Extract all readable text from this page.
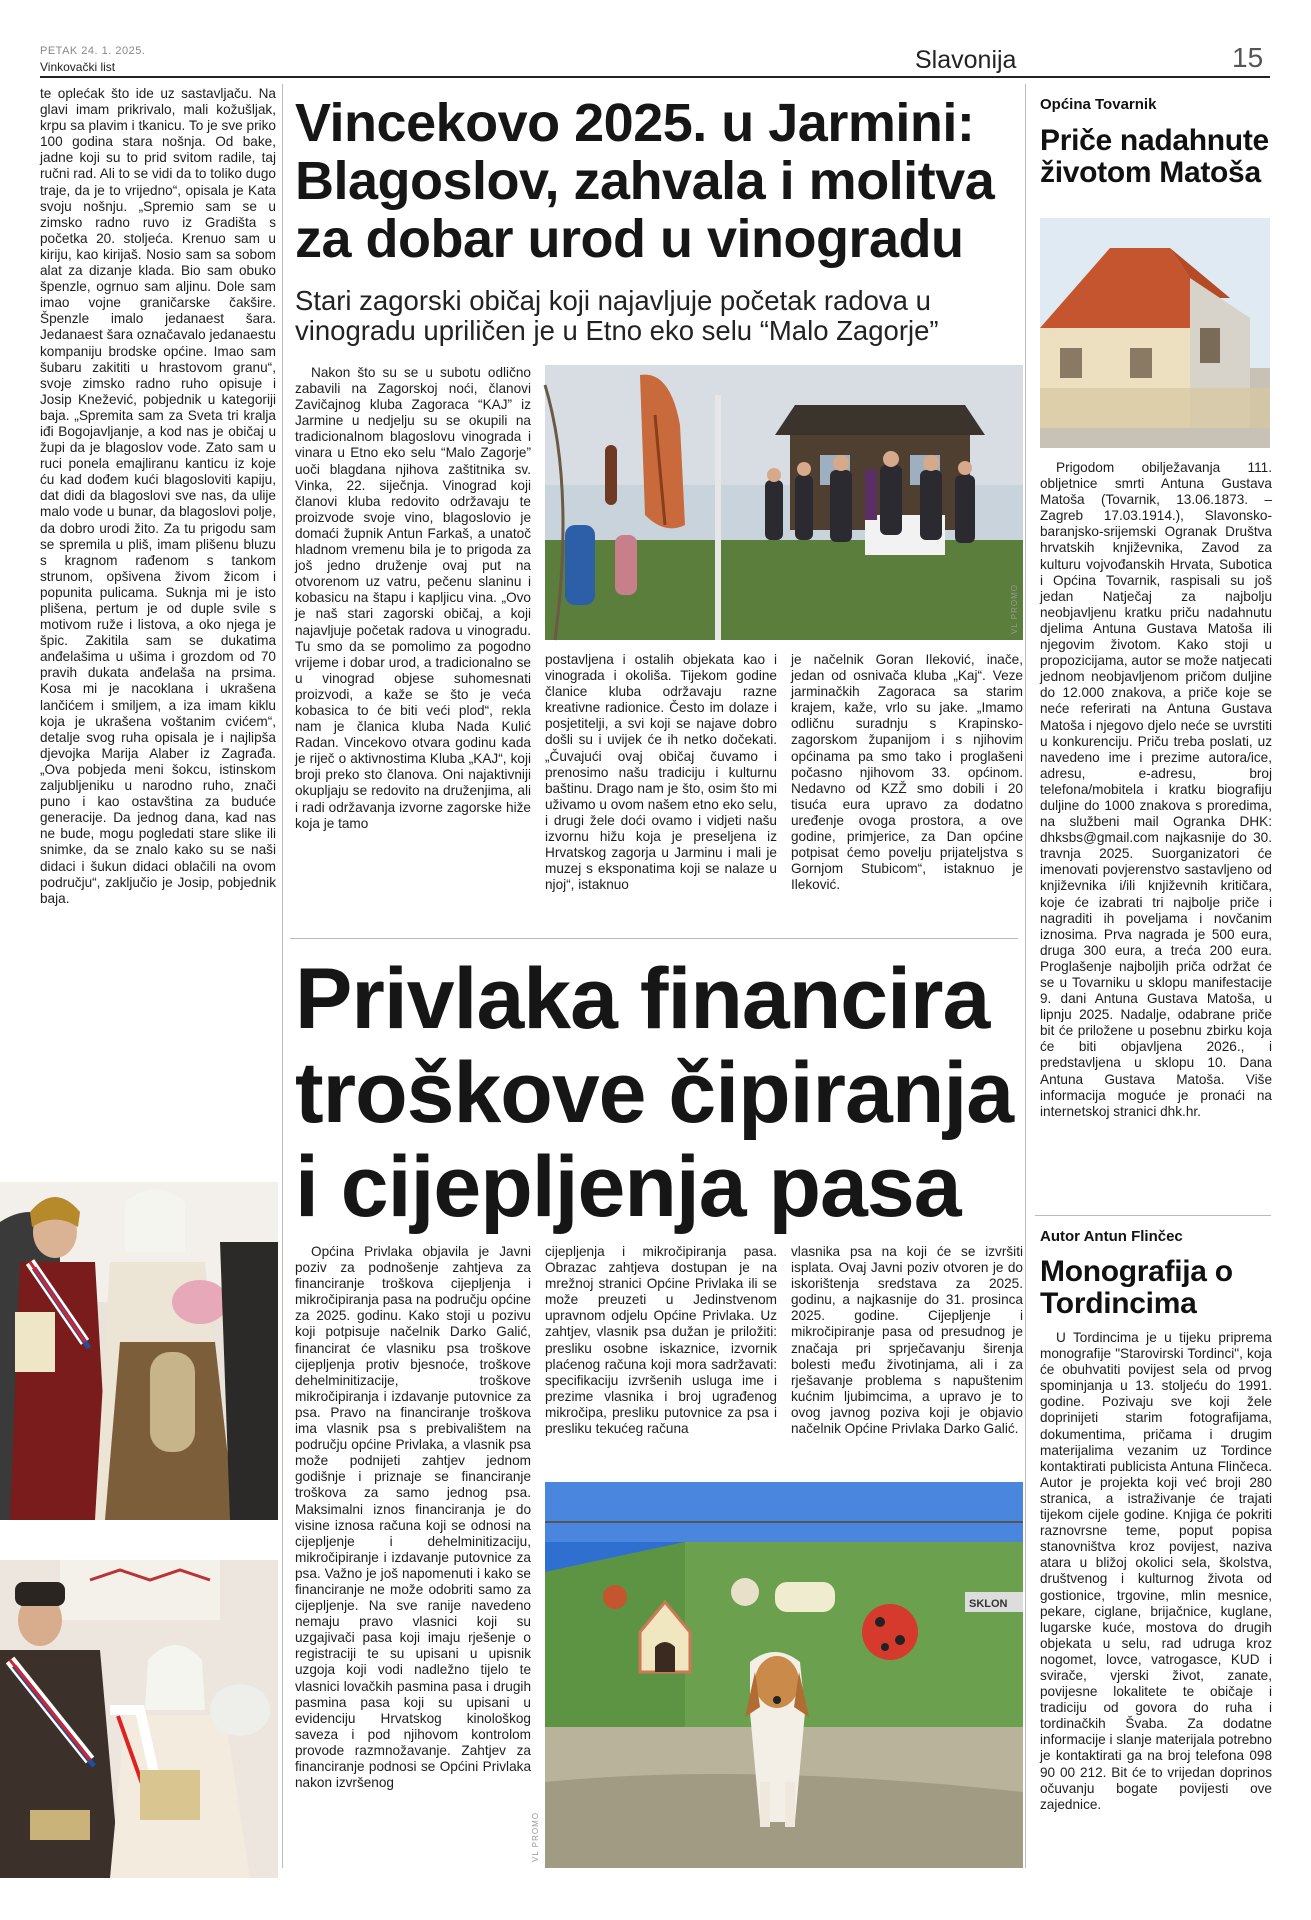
PETAK 24. 1. 2025.
Vinkovački list	Slavonija	15

te oplećak što ide uz sastavljaču. Na glavi imam prikrivalo, mali kožušljak, krpu sa plavim i tkanicu. To je sve priko 100 godina stara nošnja. Od bake, jadne koji su to prid svitom radile, taj ručni rad. Ali to se vidi da to toliko dugo traje, da je to vrijedno“, opisala je Kata svoju nošnju. „Spremio sam se u zimsko radno ruvo iz Gradišta s početka 20. stoljeća. Krenuo sam u kiriju, kao kirijaš. Nosio sam sa sobom alat za dizanje klada. Bio sam obuko špenzle, ogrnuo sam aljinu. Dole sam imao vojne graničarske čakšire. Špenzle imalo jedanaest šara. Jedanaest šara označavalo jedanaestu kompaniju brodske općine. Imao sam šubaru zakititi u hrastovom granu“, svoje zimsko radno ruho opisuje i Josip Knežević, pobjednik u kategoriji baja. „Spremita sam za Sveta tri kralja iđi Bogojavljanje, a kod nas je običaj u župi da je blagoslov vode. Zato sam u ruci ponela emajliranu kanticu iz koje ću kad dođem kući blagosloviti kapiju, dat didi da blagoslovi sve nas, da ulije malo vode u bunar, da blagoslovi polje, da dobro urodi žito. Za tu prigodu sam se spremila u pliš, imam plišenu bluzu s kragnom rađenom s tankom strunom, opšivena živom žicom i popunita pulicama. Suknja mi je isto plišena, pertum je od duple svile s motivom ruže i listova, a oko njega je špic. Zakitila sam se dukatima anđelašima u ušima i grozdom od 70 pravih dukata anđelaša na prsima. Kosa mi je nacoklana i ukrašena lančićem i smiljem, a iza imam kiklu koja je ukrašena voštanim cvićem“, detalje svog ruha opisala je i najlipša djevojka Marija Alaber iz Zagrađa. „Ova pobjeda meni šokcu, istinskom zaljubljeniku u narodno ruho, znači puno i kao ostavština za buduće generacije. Da jednog dana, kad nas ne bude, mogu pogledati stare slike ili snimke, da se znalo kako su se naši didaci i šukun didaci oblačili na ovom području“, zaključio je Josip, pobjednik baja.

Vincekovo 2025. u Jarmini: Blagoslov, zahvala i molitva za dobar urod u vinogradu
Stari zagorski običaj koji najavljuje početak radova u vinogradu upriličen je u Etno eko selu “Malo Zagorje”

Nakon što su se u subotu odlično zabavili na Zagorskoj noći, članovi Zavičajnog kluba Zagoraca “KAJ” iz Jarmine u nedjelju su se okupili na tradicionalnom blagoslovu vinograda i vinara u Etno eko selu “Malo Zagorje” uoči blagdana njihova zaštitnika sv. Vinka, 22. siječnja. Vinograd koji članovi kluba redovito održavaju te proizvode svoje vino, blagoslovio je domaći župnik Antun Farkaš, a unatoč hladnom vremenu bila je to prigoda za još jedno druženje ovaj put na otvorenom uz vatru, pečenu slaninu i kobasicu na štapu i kapljicu vina. „Ovo je naš stari zagorski običaj, a koji najavljuje početak radova u vinogradu. Tu smo da se pomolimo za pogodno vrijeme i dobar urod, a tradicionalno se u vinograd objese suhomesnati proizvodi, a kaže se što je veća kobasica to će biti veći plod“, rekla nam je članica kluba Nada Kulić Radan. Vincekovo otvara godinu kada je riječ o aktivnostima Kluba „KAJ“, koji broji preko sto članova. Oni najaktivniji okupljaju se redovito na druženjima, ali i radi održavanja izvorne zagorske hiže koja je tamo

VL PROMO

postavljena i ostalih objekata kao i vinograda i okoliša. Tijekom godine članice kluba održavaju razne kreativne radionice. Često im dolaze i posjetitelji, a svi koji se najave dobro došli su i uvijek će ih netko dočekati. „Čuvajući ovaj običaj čuvamo i prenosimo našu tradiciju i kulturnu baštinu. Drago nam je što, osim što mi uživamo u ovom našem etno eko selu, i drugi žele doći ovamo i vidjeti našu izvornu hižu koja je preseljena iz Hrvatskog zagorja u Jarminu i mali je muzej s eksponatima koji se nalaze u njoj“, istaknuo

je načelnik Goran Ileković, inače, jedan od osnivača kluba „Kaj“. Veze jarminačkih Zagoraca sa starim krajem, kaže, vrlo su jake. „Imamo odličnu suradnju s Krapinsko-zagorskom županijom i s njihovim općinama pa smo tako i proglašeni počasno njihovom 33. općinom. Nedavno od KZŽ smo dobili i 20 tisuća eura upravo za dodatno uređenje ovoga prostora, a ove godine, primjerice, za Dan općine potpisat ćemo povelju prijateljstva s Gornjom Stubicom“, istaknuo je Ileković.

Privlaka financira troškove čipiranja i cijepljenja pasa

Općina Privlaka objavila je Javni poziv za podnošenje zahtjeva za financiranje troškova cijepljenja i mikročipiranja pasa na području općine za 2025. godinu. Kako stoji u pozivu koji potpisuje načelnik Darko Galić, financirat će vlasniku psa troškove cijepljenja protiv bjesnoće, troškove dehelminitizacije, troškove mikročipiranja i izdavanje putovnice za psa. Pravo na financiranje troškova ima vlasnik psa s prebivalištem na području općine Privlaka, a vlasnik psa može podnijeti zahtjev jednom godišnje i priznaje se financiranje troškova za samo jednog psa. Maksimalni iznos financiranja je do visine iznosa računa koji se odnosi na cijepljenje i dehelminitizaciju, mikročipiranje i izdavanje putovnice za psa. Važno je još napomenuti i kako se financiranje ne može odobriti samo za cijepljenje. Na sve ranije navedeno nemaju pravo vlasnici koji su uzgajivači pasa koji imaju rješenje o registraciji te su upisani u upisnik uzgoja koji vodi nadležno tijelo te vlasnici lovačkih pasmina pasa i drugih pasmina pasa koji su upisani u evidenciju Hrvatskog kinološkog saveza i pod njihovom kontrolom provode razmnožavanje. Zahtjev za financiranje podnosi se Općini Privlaka nakon izvršenog

cijepljenja i mikročipiranja pasa. Obrazac zahtjeva dostupan je na mrežnoj stranici Općine Privlaka ili se može preuzeti u Jedinstvenom upravnom odjelu Općine Privlaka. Uz zahtjev, vlasnik psa dužan je priložiti: presliku osobne iskaznice, izvornik plaćenog računa koji mora sadržavati: specifikaciju izvršenih usluga ime i prezime vlasnika i broj ugrađenog mikročipa, presliku putovnice za psa i presliku tekućeg računa

vlasnika psa na koji će se izvršiti isplata. Ovaj Javni poziv otvoren je do iskorištenja sredstava za 2025. godinu, a najkasnije do 31. prosinca 2025. godine. Cijepljenje i mikročipiranje pasa od presudnog je značaja pri sprječavanju širenja bolesti među životinjama, ali i za rješavanje problema s napuštenim kućnim ljubimcima, a upravo je to ovog javnog poziva koji je objavio načelnik Općine Privlaka Darko Galić.

SKLON
VL PROMO
Općina Tovarnik
Priče nadahnute životom Matoša

Prigodom obilježavanja 111. obljetnice smrti Antuna Gustava Matoša (Tovarnik, 13.06.1873. – Zagreb 17.03.1914.), Slavonsko-baranjsko-srijemski Ogranak Društva hrvatskih književnika, Zavod za kulturu vojvođanskih Hrvata, Subotica i Općina Tovarnik, raspisali su još jedan Natječaj za najbolju neobjavljenu kratku priču nadahnutu djelima Antuna Gustava Matoša ili njegovim životom. Kako stoji u propozicijama, autor se može natjecati jednom neobjavljenom pričom duljine do 12.000 znakova, a priče koje se neće referirati na Antuna Gustava Matoša i njegovo djelo neće se uvrstiti u konkurenciju. Priču treba poslati, uz navedeno ime i prezime autora/ice, adresu, e-adresu, broj telefona/mobitela i kratku biografiju duljine do 1000 znakova s proredima, na službeni mail Ogranka DHK: dhksbs@gmail.com najkasnije do 30. travnja 2025. Suorganizatori će imenovati povjerenstvo sastavljeno od književnika i/ili književnih kritičara, koje će izabrati tri najbolje priče i nagraditi ih poveljama i novčanim iznosima. Prva nagrada je 500 eura, druga 300 eura, a treća 200 eura. Proglašenje najboljih priča održat će se u Tovarniku u sklopu manifestacije 9. dani Antuna Gustava Matoša, u lipnju 2025. Nadalje, odabrane priče bit će priložene u posebnu zbirku koja će biti objavljena 2026., i predstavljena u sklopu 10. Dana Antuna Gustava Matoša. Više informacija moguće je pronaći na internetskoj stranici dhk.hr.

Autor Antun Flinčec
Monografija o Tordincima

U Tordincima je u tijeku priprema monografije "Starovirski Tordinci", koja će obuhvatiti povijest sela od prvog spominjanja u 13. stoljeću do 1991. godine. Pozivaju sve koji žele doprinijeti starim fotografijama, dokumentima, pričama i drugim materijalima vezanim uz Tordince kontaktirati publicista Antuna Flinčeca. Autor je projekta koji već broji 280 stranica, a istraživanje će trajati tijekom cijele godine. Knjiga će pokriti raznovrsne teme, poput popisa stanovništva kroz povijest, naziva atara u bližoj okolici sela, školstva, društvenog i kulturnog života od gostionice, trgovine, mlin mesnice, pekare, ciglane, brijačnice, kuglane, lugarske kuće, mostova do drugih objekata u selu, rad udruga kroz nogomet, lovce, vatrogasce, KUD i svirače, vjerski život, zanate, povijesne lokalitete te običaje i tradiciju od govora do ruha i tordinačkih Švaba. Za dodatne informacije i slanje materijala potrebno je kontaktirati ga na broj telefona 098 90 00 212. Bit će to vrijedan doprinos očuvanju bogate povijesti ove zajednice.
